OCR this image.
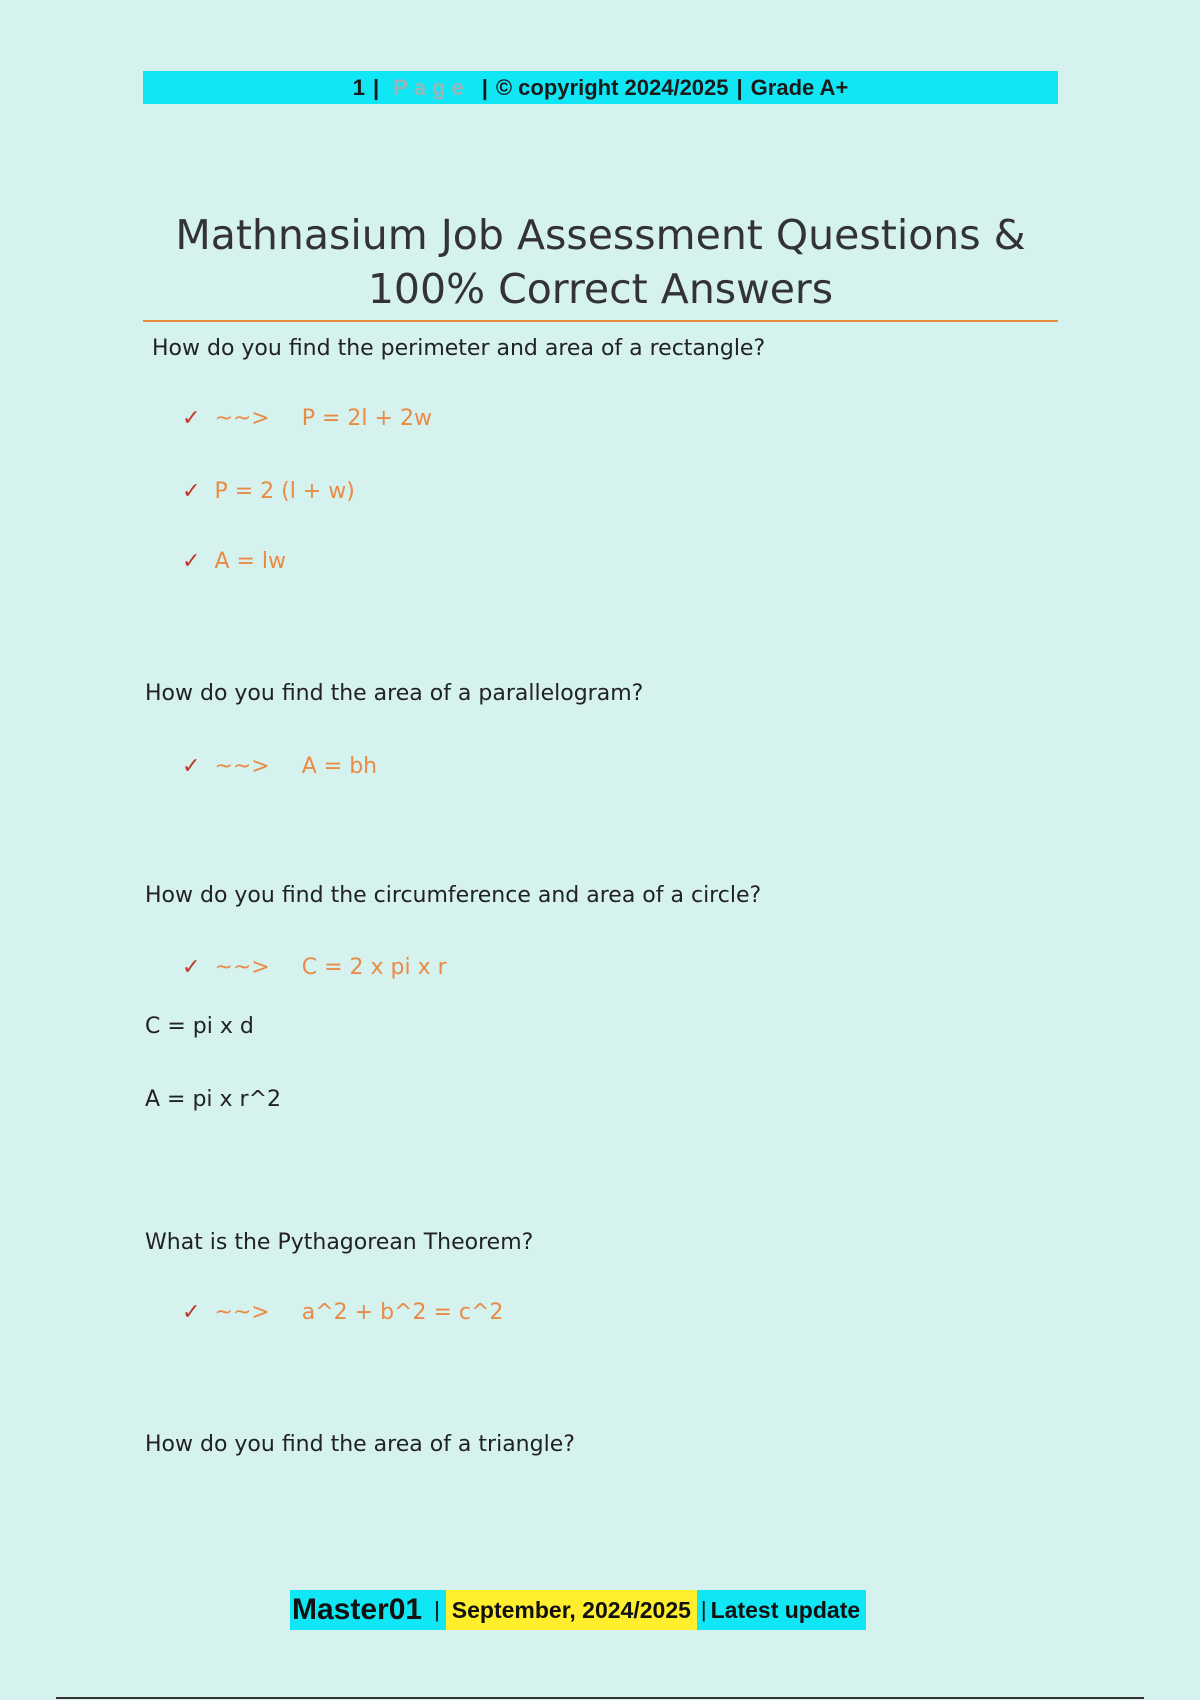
1 | Page | © copyright 2024/2025 | Grade A+
Mathnasium Job Assessment Questions &
100% Correct Answers
How do you find the perimeter and area of a rectangle?
✓ ~~> P = 2l + 2w
✓ P = 2 (l + w)
✓ A = lw
How do you find the area of a parallelogram?
✓ ~~> A = bh
How do you find the circumference and area of a circle?
✓ ~~> C = 2 x pi x r
C = pi x d
A = pi x r^2
What is the Pythagorean Theorem?
✓ ~~> a^2 + b^2 = c^2
How do you find the area of a triangle?
Master01 | September, 2024/2025 | Latest update
